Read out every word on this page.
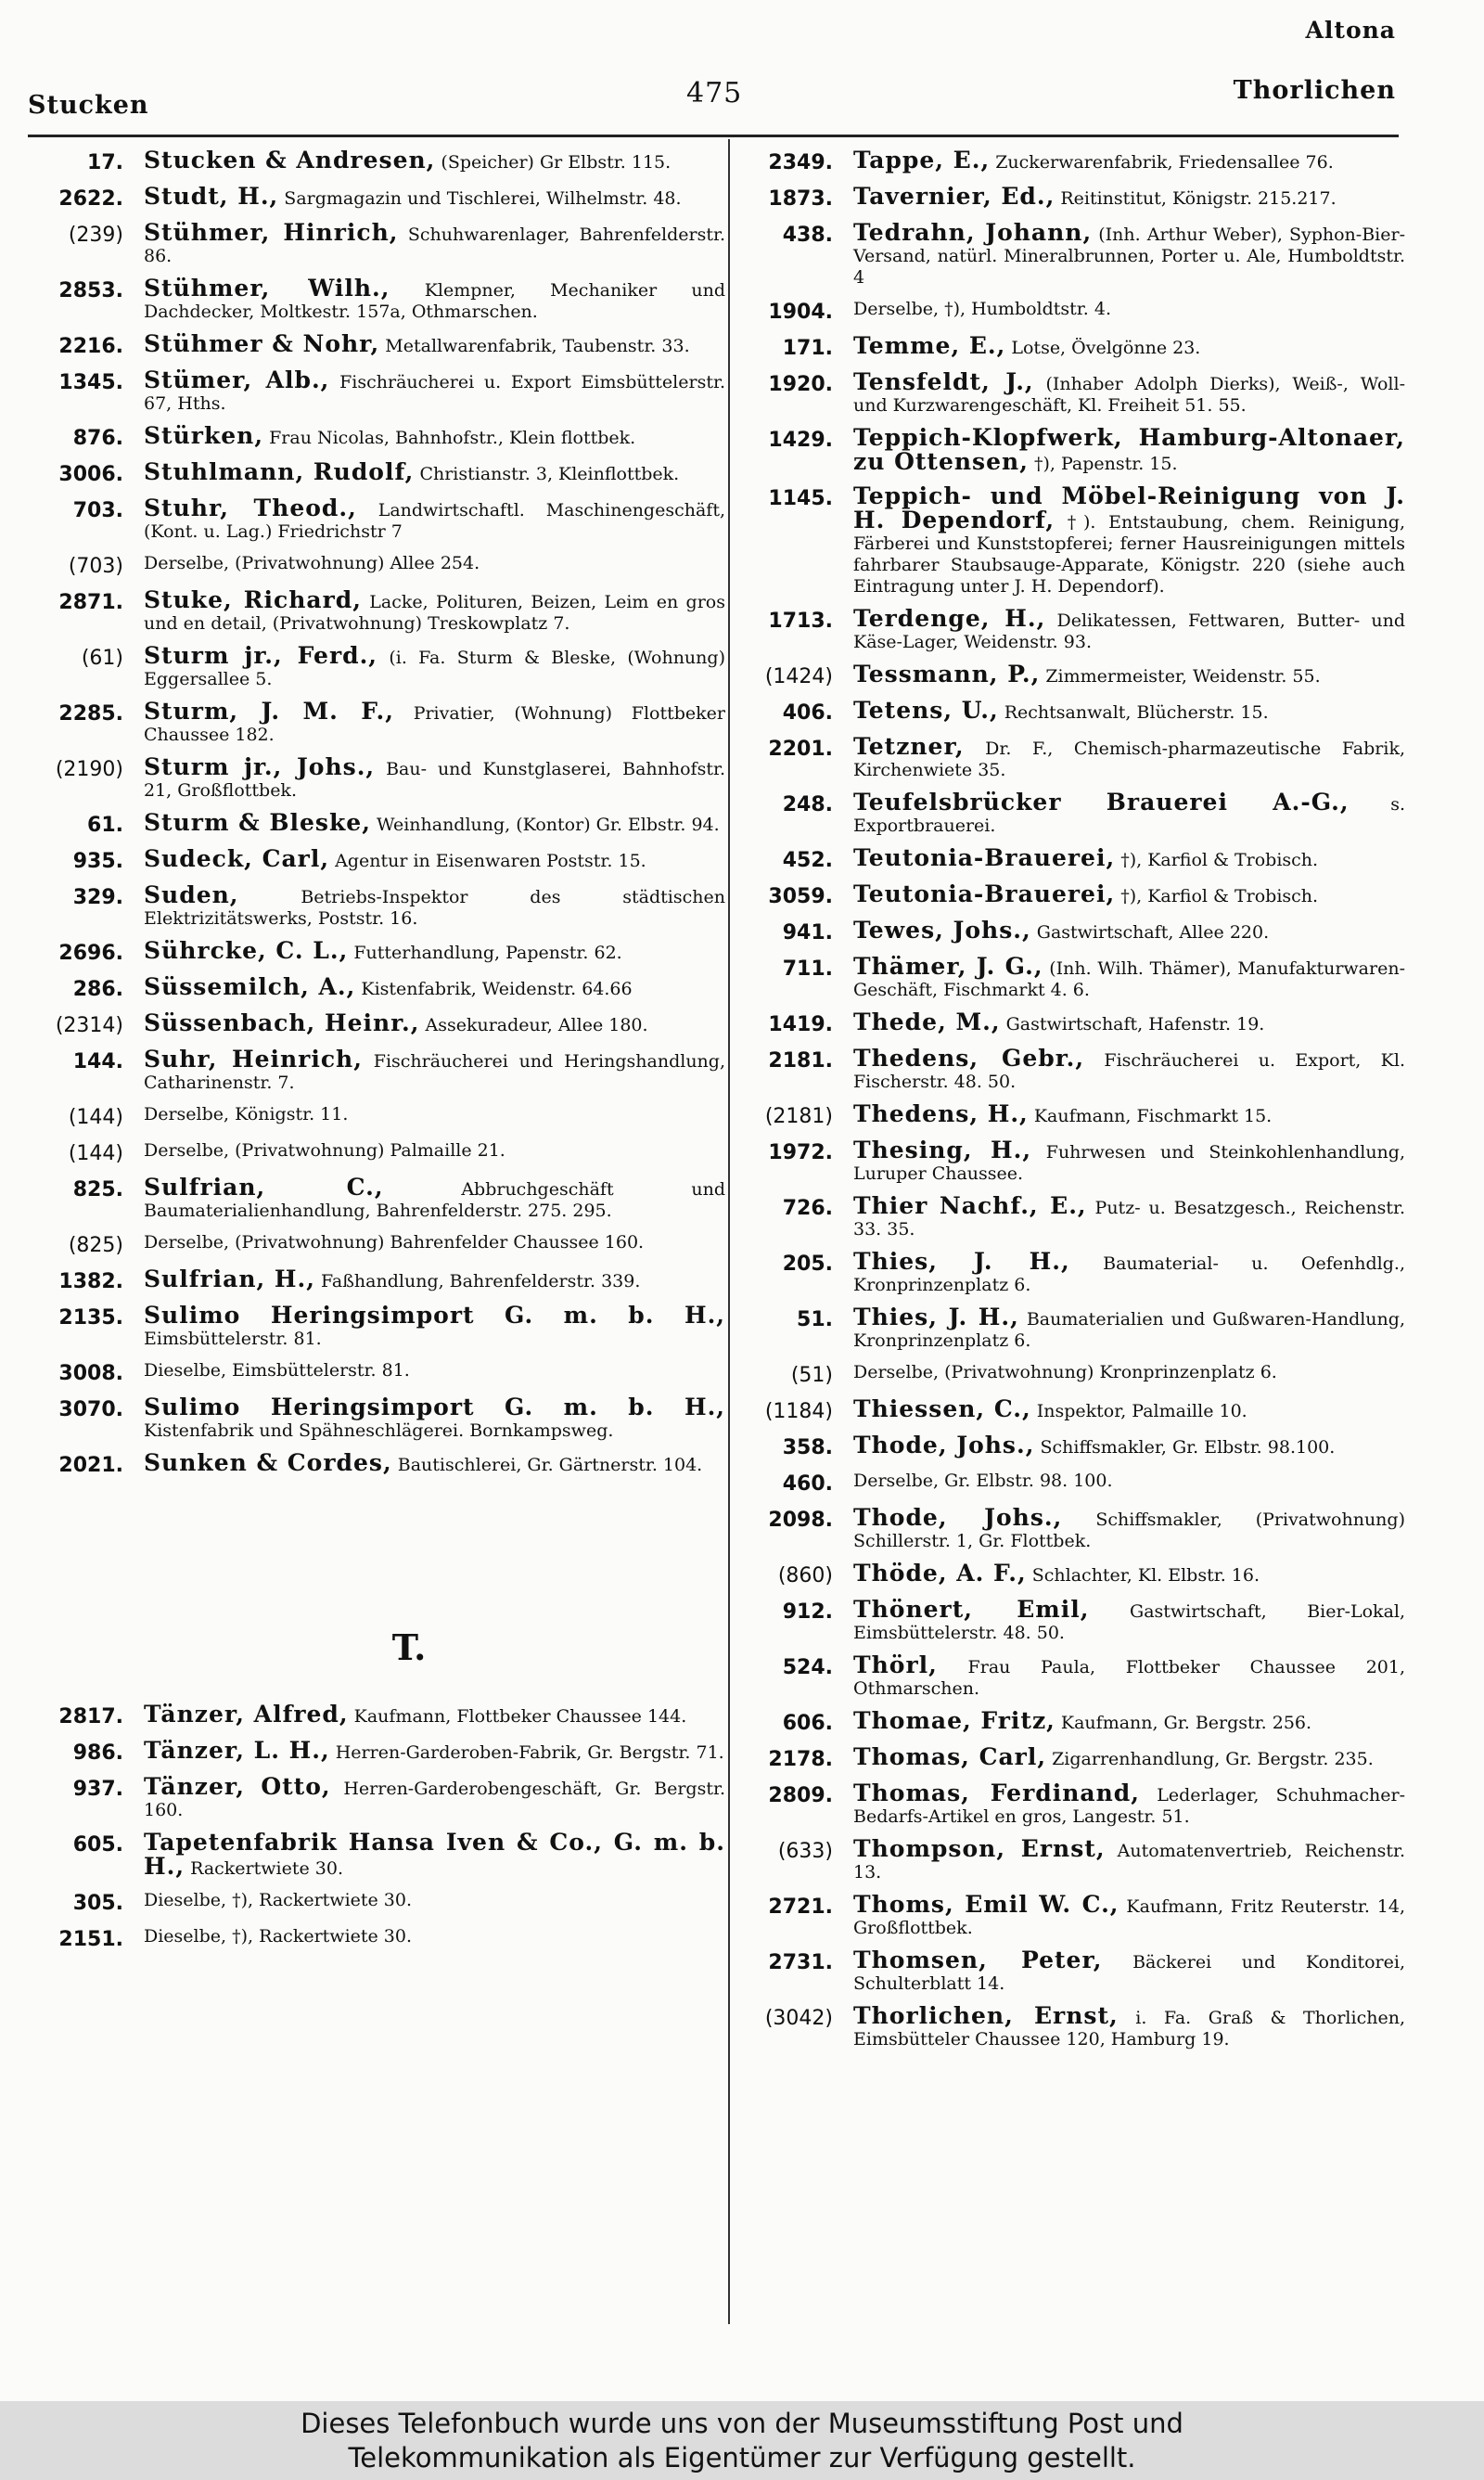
Altona
Stucken	475	Thorlichen
17. Stucken & Andresen, (Speicher) Gr Elbstr. 115.
2622. Studt, H., Sargmagazin und Tischlerei, Wilhelmstr. 48.
(239) Stühmer, Hinrich, Schuhwarenlager, Bahrenfelderstr. 86.
2853. Stühmer, Wilh., Klempner, Mechaniker und Dachdecker, Moltkestr. 157a, Othmarschen.
2216. Stühmer & Nohr, Metallwarenfabrik, Taubenstr. 33.
1345. Stümer, Alb., Fischräucherei u. Export Eimsbüttelerstr. 67, Hths.
876. Stürken, Frau Nicolas, Bahnhofstr., Klein flottbek.
3006. Stuhlmann, Rudolf, Christianstr. 3, Kleinflottbek.
703. Stuhr, Theod., Landwirtschaftl. Maschinengeschäft, (Kont. u. Lag.) Friedrichstr 7
(703)	Derselbe, (Privatwohnung) Allee 254.
2871. Stuke, Richard, Lacke, Polituren, Beizen, Leim en gros und en detail, (Privatwohnung) Treskowplatz 7.
(61) Sturm jr., Ferd., (i. Fa. Sturm & Bleske, (Wohnung) Eggersallee 5.
2285. Sturm, J. M. F., Privatier, (Wohnung) Flottbeker Chaussee 182.
(2190) Sturm jr., Johs., Bau- und Kunstglaserei, Bahnhofstr. 21, Großflottbek.
61. Sturm & Bleske, Weinhandlung, (Kontor) Gr. Elbstr. 94.
935. Sudeck, Carl, Agentur in Eisenwaren Poststr. 15.
329. Suden,	Betriebs-Inspektor des städtischen Elektrizitätswerks, Poststr. 16.
2696. Sührcke, C. L., Futterhandlung, Papenstr. 62.
286. Süssemilch, A., Kistenfabrik, Weidenstr. 64.66
(2314) Süssenbach, Heinr., Assekuradeur, Allee 180.
144. Suhr, Heinrich, Fischräucherei und Heringshandlung, Catharinenstr. 7.
(144)	Derselbe, Königstr. 11.
(144)	Derselbe, (Privatwohnung) Palmaille 21.
825. Sulfrian, C.,	Abbruchgeschäft und Baumaterialienhandlung, Bahrenfelderstr. 275. 295.
(825)	Derselbe, (Privatwohnung) Bahrenfelder Chaussee 160.
1382. Sulfrian, H., Faßhandlung, Bahrenfelderstr. 339.
2135. Sulimo Heringsimport G. m. b. H., Eimsbüttelerstr. 81.
3008.	Dieselbe, Eimsbüttelerstr. 81.
3070. Sulimo Heringsimport G. m. b. H., Kistenfabrik und Spähneschlägerei. Bornkampsweg.
2021. Sunken & Cordes, Bautischlerei, Gr. Gärtnerstr. 104.
T.
2817. Tänzer, Alfred, Kaufmann, Flottbeker Chaussee 144.
986. Tänzer, L. H., Herren-Garderoben-Fabrik, Gr. Bergstr. 71.
937. Tänzer, Otto, Herren-Garderobengeschäft, Gr. Bergstr. 160.
605. Tapetenfabrik Hansa Iven & Co., G. m. b. H., Rackertwiete 30.
305.	Dieselbe, †), Rackertwiete 30.
2151.	Dieselbe, †), Rackertwiete 30.
2349. Tappe, E., Zuckerwarenfabrik, Friedensallee 76.
1873. Tavernier, Ed., Reitinstitut, Königstr. 215.217.
438. Tedrahn, Johann, (Inh. Arthur Weber), Syphon-Bier-Versand, natürl. Mineralbrunnen, Porter u. Ale, Humboldtstr. 4
1904.	Derselbe, †), Humboldtstr. 4.
171. Temme, E., Lotse, Övelgönne 23.
1920. Tensfeldt, J., (Inhaber Adolph Dierks), Weiß-, Woll- und Kurzwarengeschäft, Kl. Freiheit 51. 55.
1429. Teppich-Klopfwerk, Hamburg-Altonaer, zu Ottensen, †), Papenstr. 15.
1145. Teppich- und Möbel-Reinigung von J. H. Dependorf, †). Entstaubung, chem. Reinigung, Färberei und Kunststopferei; ferner Hausreinigungen mittels fahrbarer Staubsauge-Apparate, Königstr. 220 (siehe auch Eintragung unter J. H. Dependorf).
1713. Terdenge, H., Delikatessen, Fettwaren, Butter- und Käse-Lager, Weidenstr. 93.
(1424) Tessmann, P., Zimmermeister, Weidenstr. 55.
406. Tetens, U., Rechtsanwalt, Blücherstr. 15.
2201. Tetzner, Dr. F., Chemisch-pharmazeutische Fabrik, Kirchenwiete 35.
248. Teufelsbrücker Brauerei A.-G., s. Exportbrauerei.
452. Teutonia-Brauerei, †), Karfiol & Trobisch.
3059. Teutonia-Brauerei, †), Karfiol & Trobisch.
941. Tewes, Johs., Gastwirtschaft, Allee 220.
711. Thämer, J. G., (Inh. Wilh. Thämer), Manufakturwaren-Geschäft, Fischmarkt 4. 6.
1419. Thede, M., Gastwirtschaft, Hafenstr. 19.
2181. Thedens, Gebr., Fischräucherei u. Export, Kl. Fischerstr. 48. 50.
(2181) Thedens, H., Kaufmann, Fischmarkt 15.
1972. Thesing, H., Fuhrwesen und Steinkohlenhandlung, Luruper Chaussee.
726. Thier Nachf., E., Putz- u. Besatzgesch., Reichenstr. 33. 35.
205. Thies, J. H., Baumaterial- u. Oefenhdlg., Kronprinzenplatz 6.
51. Thies, J. H., Baumaterialien und Gußwaren-Handlung, Kronprinzenplatz 6.
(51)	Derselbe, (Privatwohnung) Kronprinzenplatz 6.
(1184) Thiessen, C., Inspektor, Palmaille 10.
358. Thode, Johs., Schiffsmakler, Gr. Elbstr. 98.100.
460.	Derselbe, Gr. Elbstr. 98. 100.
2098. Thode, Johs., Schiffsmakler, (Privatwohnung) Schillerstr. 1, Gr. Flottbek.
(860) Thöde, A. F., Schlachter, Kl. Elbstr. 16.
912. Thönert, Emil, Gastwirtschaft, Bier-Lokal, Eimsbüttelerstr. 48. 50.
524. Thörl, Frau Paula, Flottbeker Chaussee 201, Othmarschen.
606. Thomae, Fritz, Kaufmann, Gr. Bergstr. 256.
2178. Thomas, Carl, Zigarrenhandlung, Gr. Bergstr. 235.
2809. Thomas, Ferdinand, Lederlager, Schuhmacher-Bedarfs-Artikel en gros, Langestr. 51.
(633) Thompson, Ernst, Automatenvertrieb, Reichenstr. 13.
2721. Thoms, Emil W. C., Kaufmann, Fritz Reuterstr. 14, Großflottbek.
2731. Thomsen, Peter, Bäckerei und Konditorei, Schulterblatt 14.
(3042) Thorlichen, Ernst, i. Fa. Graß & Thorlichen, Eimsbütteler Chaussee 120, Hamburg 19.
Dieses Telefonbuch wurde uns von der Museumsstiftung Post und
Telekommunikation als Eigentümer zur Verfügung gestellt.
